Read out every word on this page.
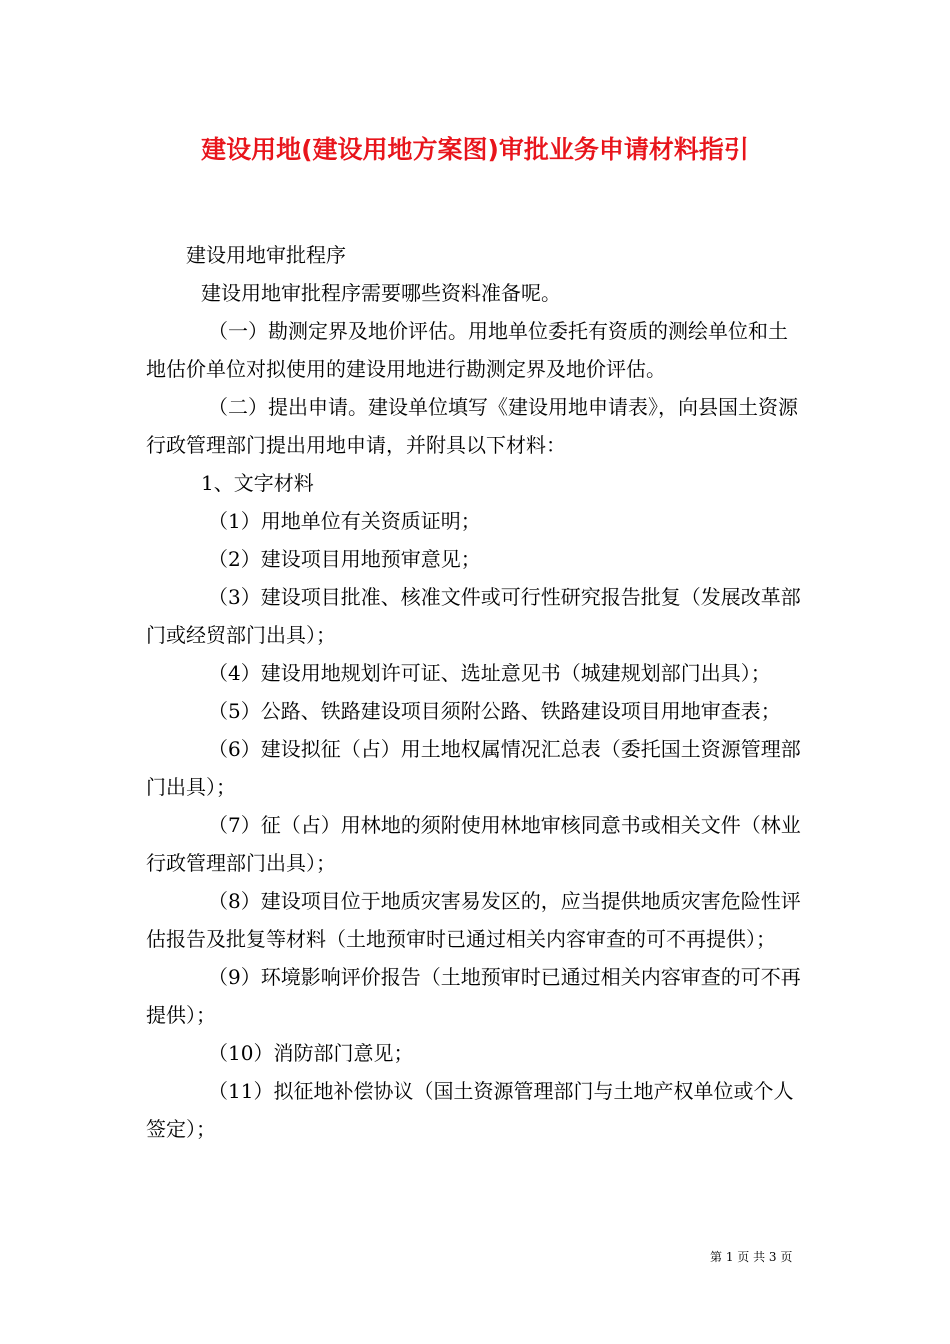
建设用地(建设用地方案图)审批业务申请材料指引

建设用地审批程序

建设用地审批程序需要哪些资料准备呢。

（一）勘测定界及地价评估。用地单位委托有资质的测绘单位和土地估价单位对拟使用的建设用地进行勘测定界及地价评估。

（二）提出申请。建设单位填写《建设用地申请表》，向县国土资源行政管理部门提出用地申请，并附具以下材料：

1、文字材料

（1）用地单位有关资质证明；

（2）建设项目用地预审意见；

（3）建设项目批准、核准文件或可行性研究报告批复（发展改革部门或经贸部门出具）；

（4）建设用地规划许可证、选址意见书（城建规划部门出具）；

（5）公路、铁路建设项目须附公路、铁路建设项目用地审查表；

（6）建设拟征（占）用土地权属情况汇总表（委托国土资源管理部门出具）；

（7）征（占）用林地的须附使用林地审核同意书或相关文件（林业行政管理部门出具）；

（8）建设项目位于地质灾害易发区的，应当提供地质灾害危险性评估报告及批复等材料（土地预审时已通过相关内容审查的可不再提供）；

（9）环境影响评价报告（土地预审时已通过相关内容审查的可不再提供）；

（10）消防部门意见；

（11）拟征地补偿协议（国土资源管理部门与土地产权单位或个人签定）；

第 1 页 共 3 页
